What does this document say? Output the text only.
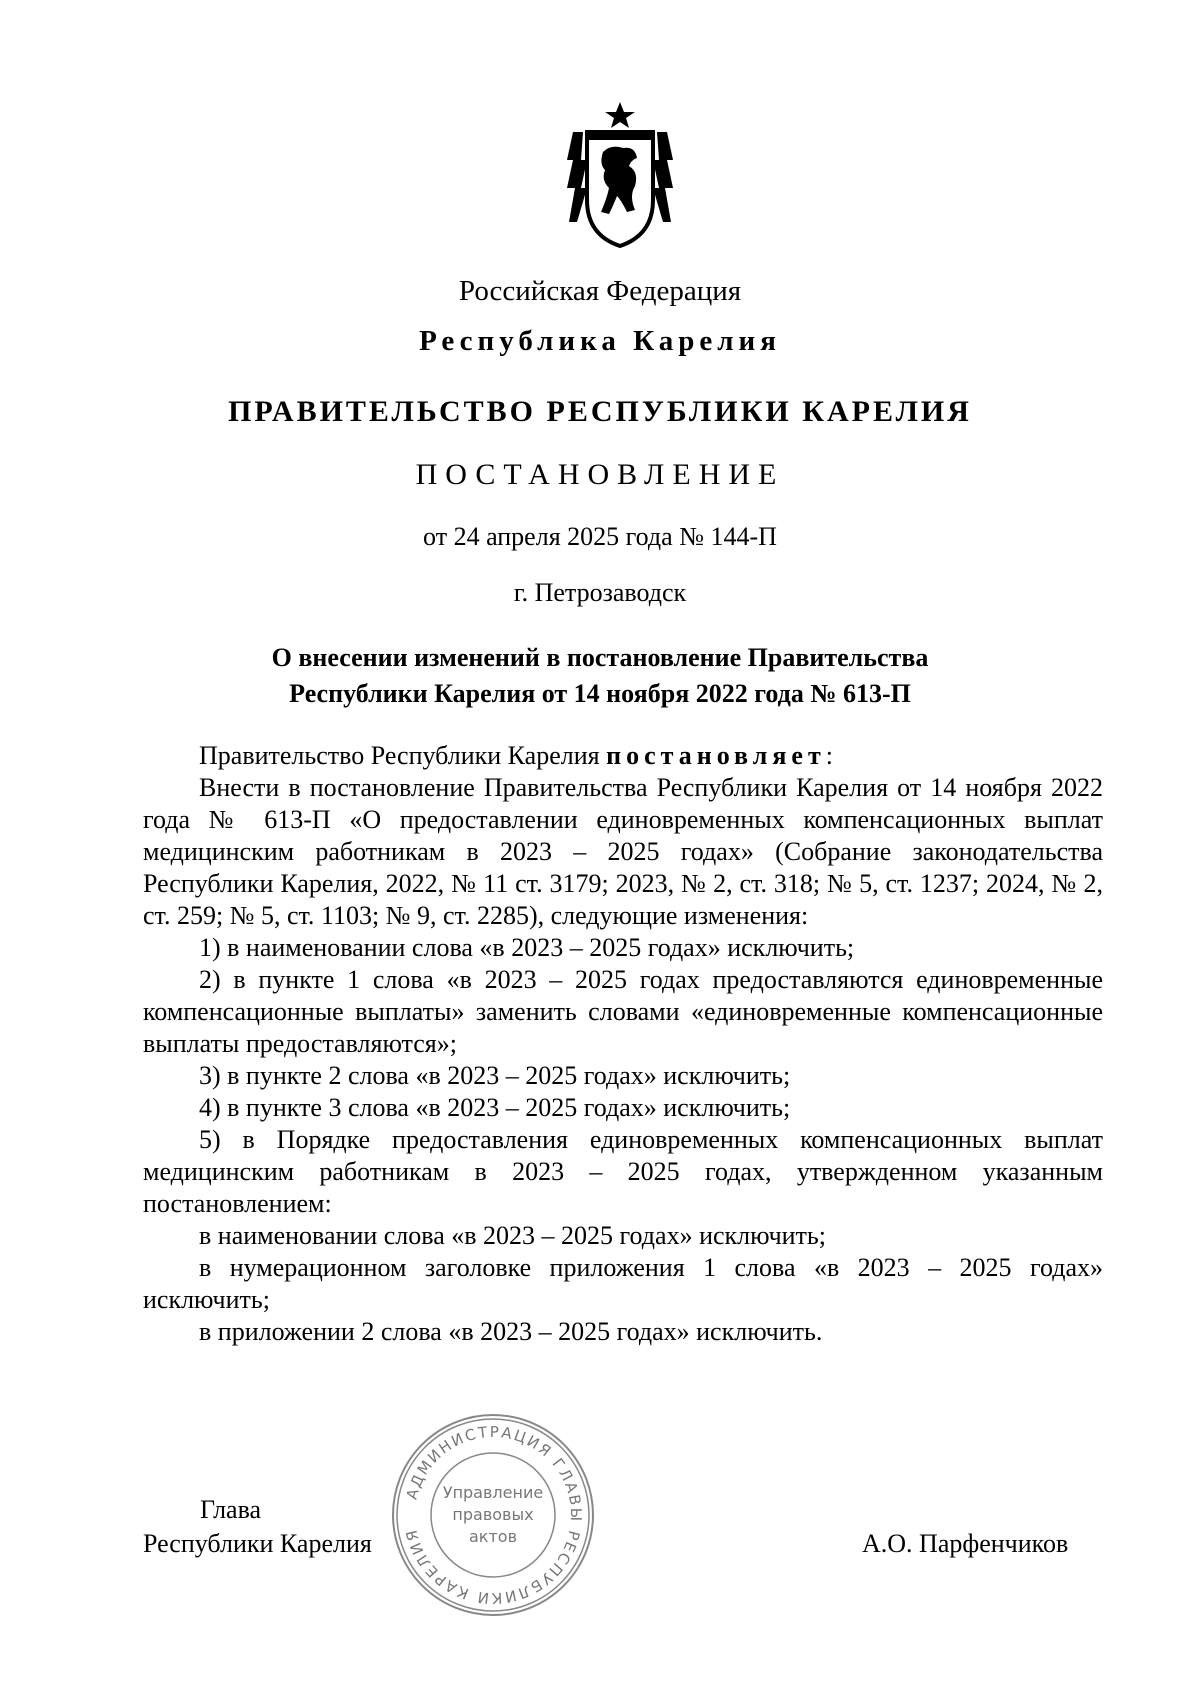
Российская Федерация
Республика Карелия
ПРАВИТЕЛЬСТВО РЕСПУБЛИКИ КАРЕЛИЯ
ПОСТАНОВЛЕНИЕ
от 24 апреля 2025 года № 144-П
г. Петрозаводск
О внесении изменений в постановление Правительства
Республики Карелия от 14 ноября 2022 года № 613-П

Правительство Республики Карелия постановляет:

Внести в постановление Правительства Республики Карелия от 14 ноября 2022 года № 613-П «О предоставлении единовременных компенсационных выплат медицинским работникам в 2023 – 2025 годах» (Собрание законодательства Республики Карелия, 2022, № 11 ст. 3179; 2023, № 2, ст. 318; № 5, ст. 1237; 2024, № 2, ст. 259; № 5, ст. 1103; № 9, ст. 2285), следующие изменения:

1) в наименовании слова «в 2023 – 2025 годах» исключить;

2) в пункте 1 слова «в 2023 – 2025 годах предоставляются единовременные компенсационные выплаты» заменить словами «единовременные компенсационные выплаты предоставляются»;

3) в пункте 2 слова «в 2023 – 2025 годах» исключить;

4) в пункте 3 слова «в 2023 – 2025 годах» исключить;

5) в Порядке предоставления единовременных компенсационных выплат медицинским работникам в 2023 – 2025 годах, утвержденном указанным постановлением:

в наименовании слова «в 2023 – 2025 годах» исключить;

в нумерационном заголовке приложения 1 слова «в 2023 – 2025 годах» исключить;

в приложении 2 слова «в 2023 – 2025 годах» исключить.

Глава
Республики Карелия	А.О. Парфенчиков
АДМИНИСТРАЦИЯ ГЛАВЫ РЕСПУБЛИКИ КАРЕЛИЯ
Управление
правовых
актов
